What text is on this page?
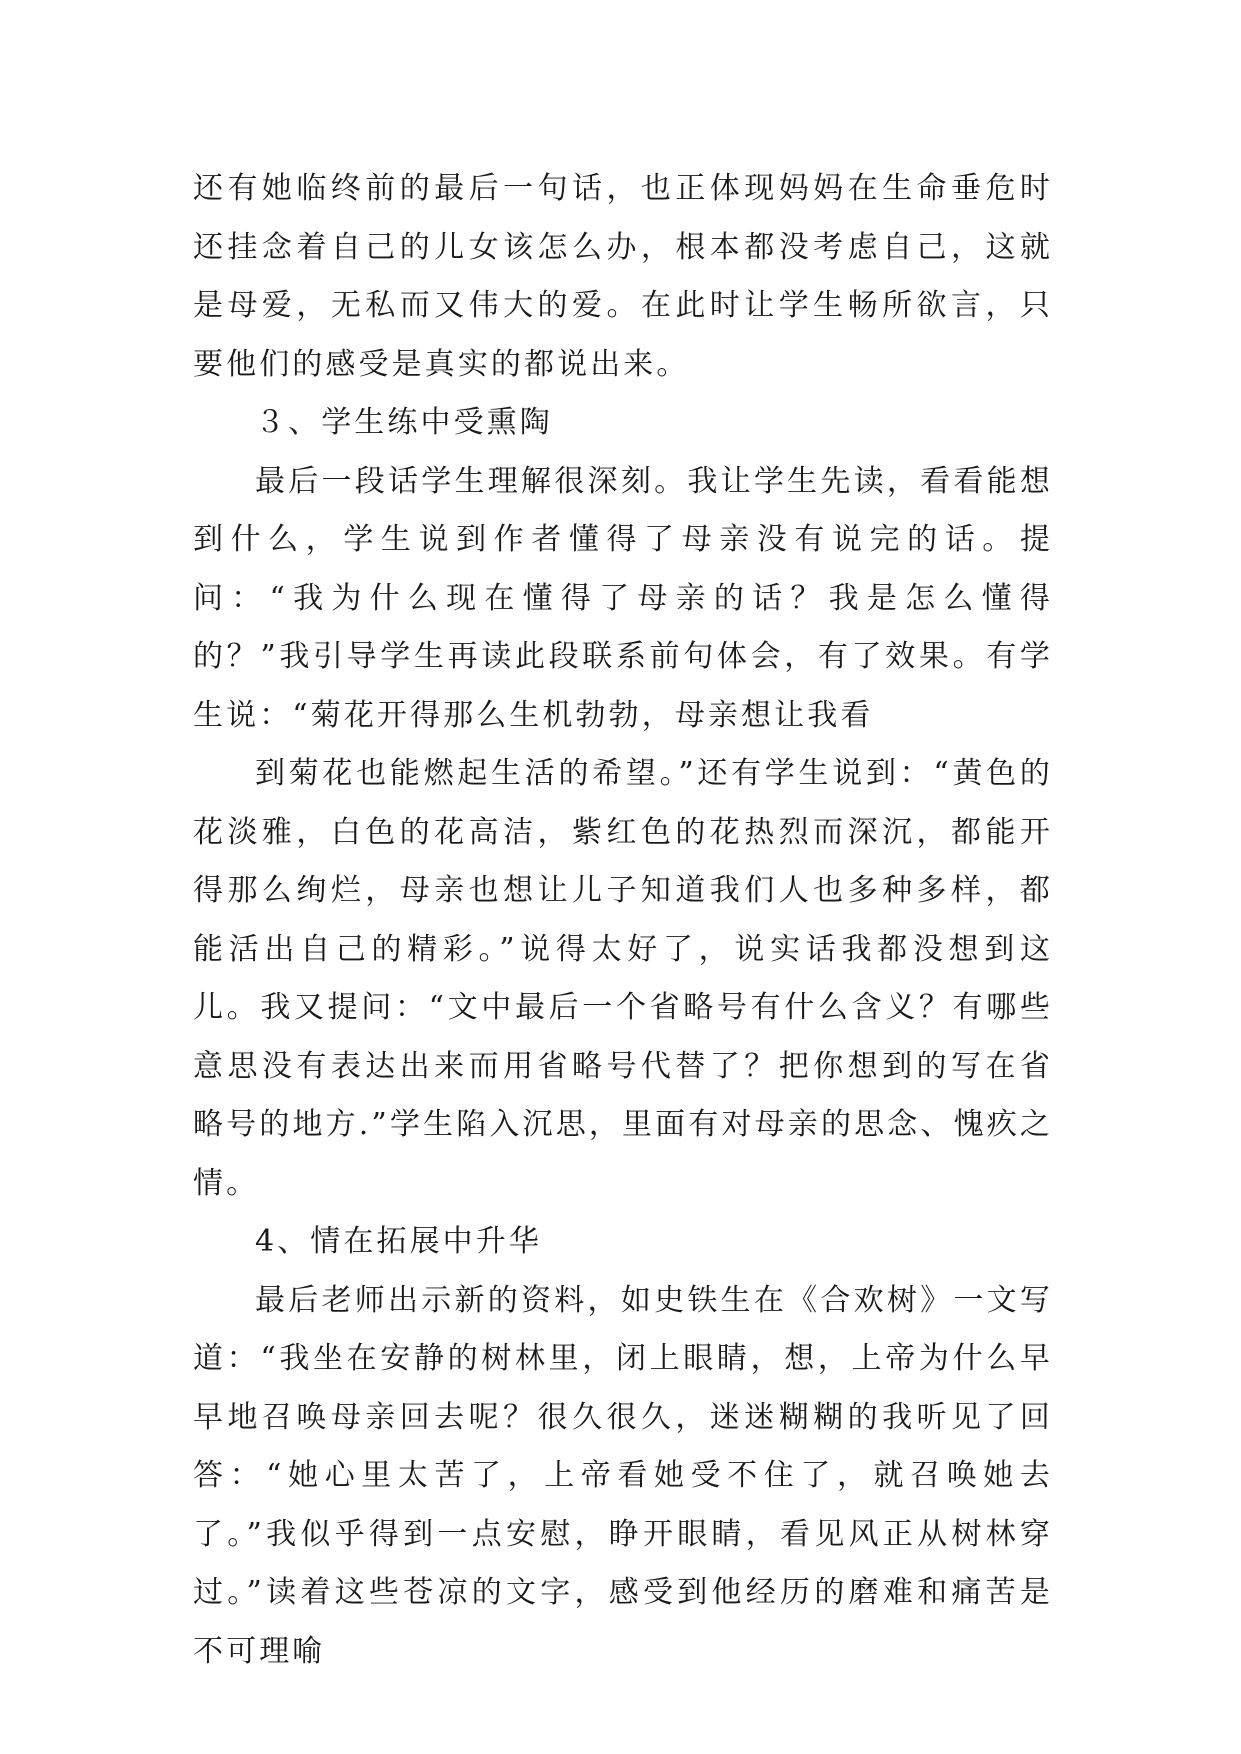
还有她临终前的最后一句话，也正体现妈妈在生命垂危时还挂念着自己的儿女该怎么办，根本都没考虑自己，这就是母爱，无私而又伟大的爱。在此时让学生畅所欲言，只要他们的感受是真实的都说出来。

３、学生练中受熏陶

最后一段话学生理解很深刻。我让学生先读，看看能想到什么，学生说到作者懂得了母亲没有说完的话。提问：“我为什么现在懂得了母亲的话？我是怎么懂得的？”我引导学生再读此段联系前句体会，有了效果。有学生说：“菊花开得那么生机勃勃，母亲想让我看

到菊花也能燃起生活的希望。”还有学生说到：“黄色的花淡雅，白色的花高洁，紫红色的花热烈而深沉，都能开得那么绚烂，母亲也想让儿子知道我们人也多种多样，都能活出自己的精彩。”说得太好了，说实话我都没想到这儿。我又提问：“文中最后一个省略号有什么含义？有哪些意思没有表达出来而用省略号代替了？把你想到的写在省略号的地方.”学生陷入沉思，里面有对母亲的思念、愧疚之情。

4、情在拓展中升华

最后老师出示新的资料，如史铁生在《合欢树》一文写道：“我坐在安静的树林里，闭上眼睛，想，上帝为什么早早地召唤母亲回去呢？很久很久，迷迷糊糊的我听见了回答：“她心里太苦了，上帝看她受不住了，就召唤她去了。”我似乎得到一点安慰，睁开眼睛，看见风正从树林穿过。”读着这些苍凉的文字，感受到他经历的磨难和痛苦是不可理喻
